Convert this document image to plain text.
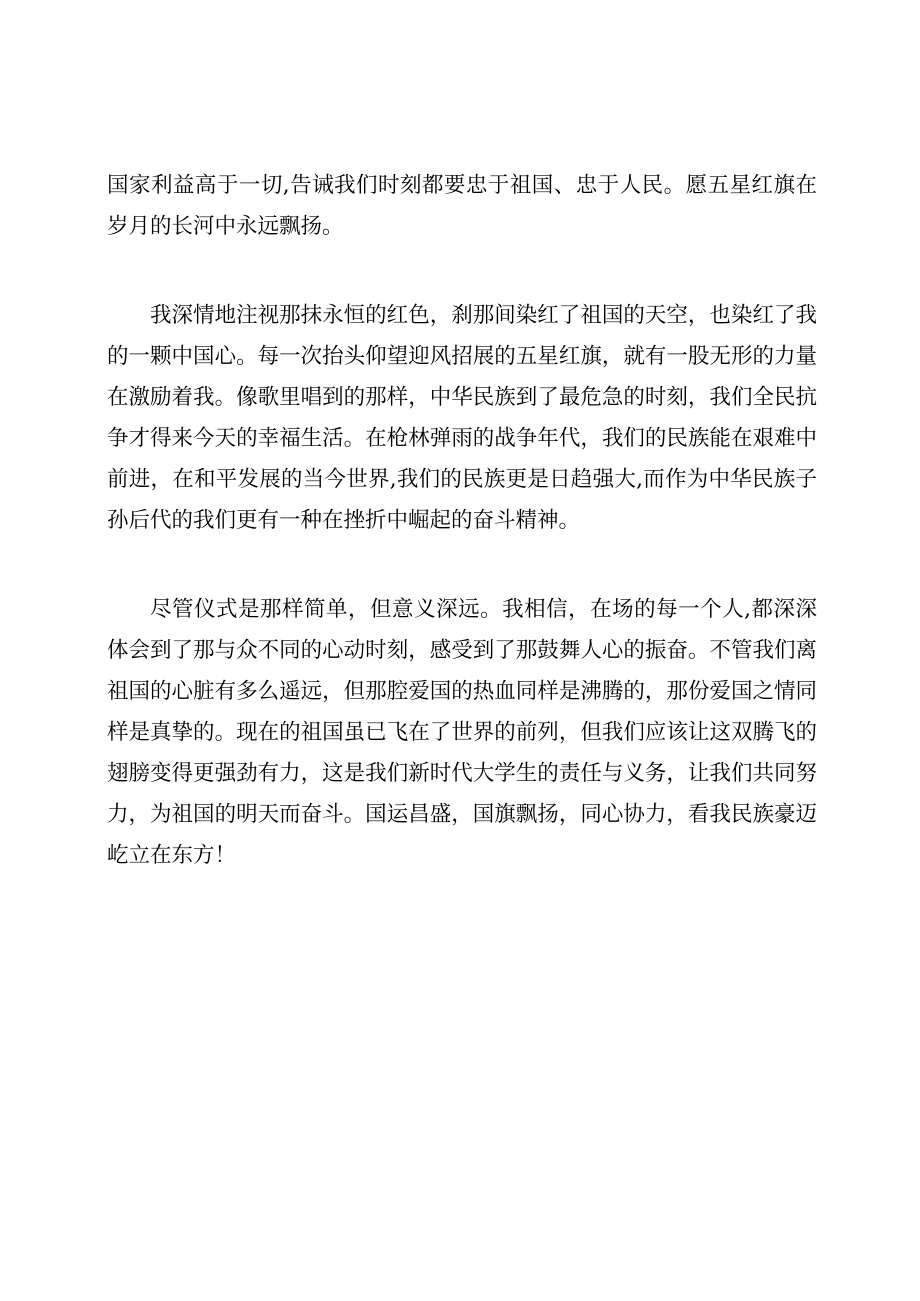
国家利益高于一切,告诫我们时刻都要忠于祖国、忠于人民。愿五星红旗在岁月的长河中永远飘扬。

我深情地注视那抹永恒的红色，刹那间染红了祖国的天空，也染红了我的一颗中国心。每一次抬头仰望迎风招展的五星红旗，就有一股无形的力量在激励着我。像歌里唱到的那样，中华民族到了最危急的时刻，我们全民抗争才得来今天的幸福生活。在枪林弹雨的战争年代，我们的民族能在艰难中前进，在和平发展的当今世界,我们的民族更是日趋强大,而作为中华民族子孙后代的我们更有一种在挫折中崛起的奋斗精神。

尽管仪式是那样简单，但意义深远。我相信，在场的每一个人,都深深体会到了那与众不同的心动时刻，感受到了那鼓舞人心的振奋。不管我们离祖国的心脏有多么遥远，但那腔爱国的热血同样是沸腾的，那份爱国之情同样是真挚的。现在的祖国虽已飞在了世界的前列，但我们应该让这双腾飞的翅膀变得更强劲有力，这是我们新时代大学生的责任与义务，让我们共同努力，为祖国的明天而奋斗。国运昌盛，国旗飘扬，同心协力，看我民族豪迈屹立在东方！
